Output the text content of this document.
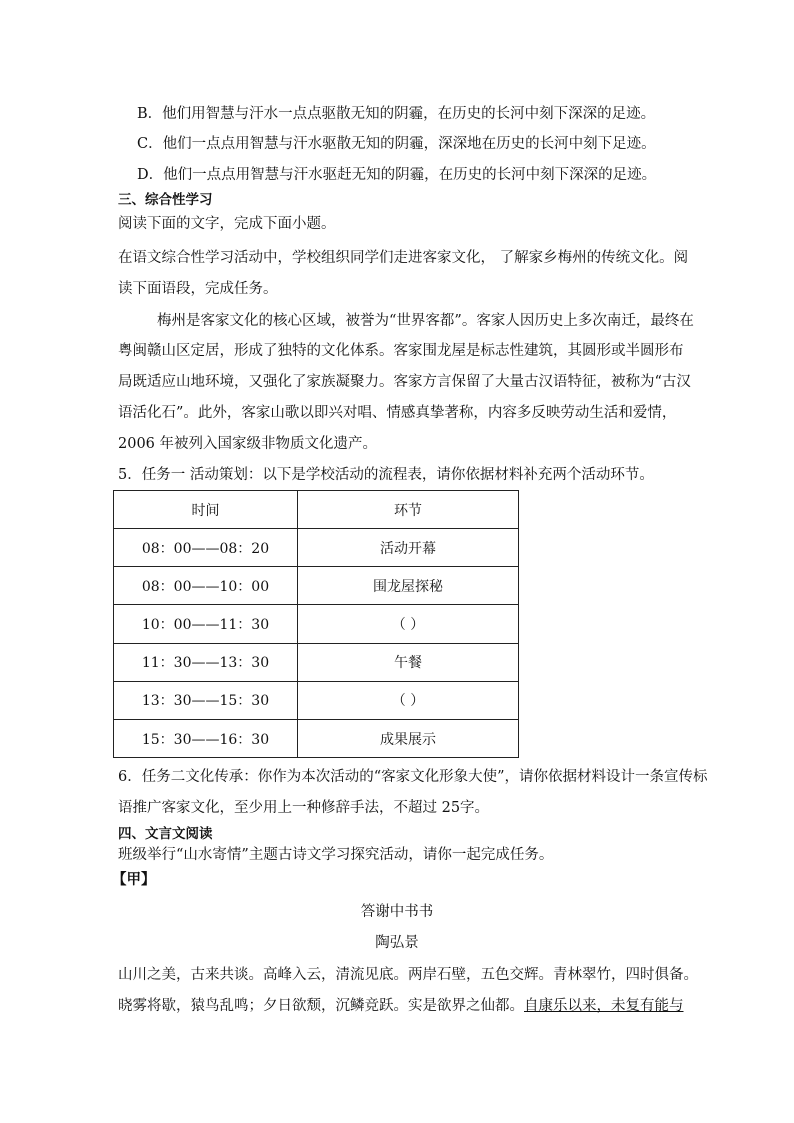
B．他们用智慧与汗水一点点驱散无知的阴霾，在历史的长河中刻下深深的足迹。
C．他们一点点用智慧与汗水驱散无知的阴霾，深深地在历史的长河中刻下足迹。
D．他们一点点用智慧与汗水驱赶无知的阴霾，在历史的长河中刻下深深的足迹。
三、综合性学习
阅读下面的文字，完成下面小题。
在语文综合性学习活动中，学校组织同学们走进客家文化， 了解家乡梅州的传统文化。阅
读下面语段，完成任务。
梅州是客家文化的核心区域，被誉为“世界客都”。客家人因历史上多次南迁，最终在
粤闽赣山区定居，形成了独特的文化体系。客家围龙屋是标志性建筑，其圆形或半圆形布
局既适应山地环境，又强化了家族凝聚力。客家方言保留了大量古汉语特征，被称为“古汉
语活化石”。此外，客家山歌以即兴对唱、情感真挚著称，内容多反映劳动生活和爱情，
2006 年被列入国家级非物质文化遗产。
5．任务一 活动策划：以下是学校活动的流程表，请你依据材料补充两个活动环节。
时间	环节
08：00——08：20	活动开幕
08：00——10：00	围龙屋探秘
10：00——11：30	（ ）
11：30——13：30	午餐
13：30——15：30	（ ）
15：30——16：30	成果展示
6．任务二文化传承：你作为本次活动的“客家文化形象大使”，请你依据材料设计一条宣传标
语推广客家文化，至少用上一种修辞手法，不超过 25字。
四、文言文阅读
班级举行“山水寄情”主题古诗文学习探究活动，请你一起完成任务。
【甲】
答谢中书书
陶弘景
山川之美，古来共谈。高峰入云，清流见底。两岸石壁，五色交辉。青林翠竹，四时俱备。
晓雾将歇，猿鸟乱鸣；夕日欲颓，沉鳞竞跃。实是欲界之仙都。自康乐以来，未复有能与
